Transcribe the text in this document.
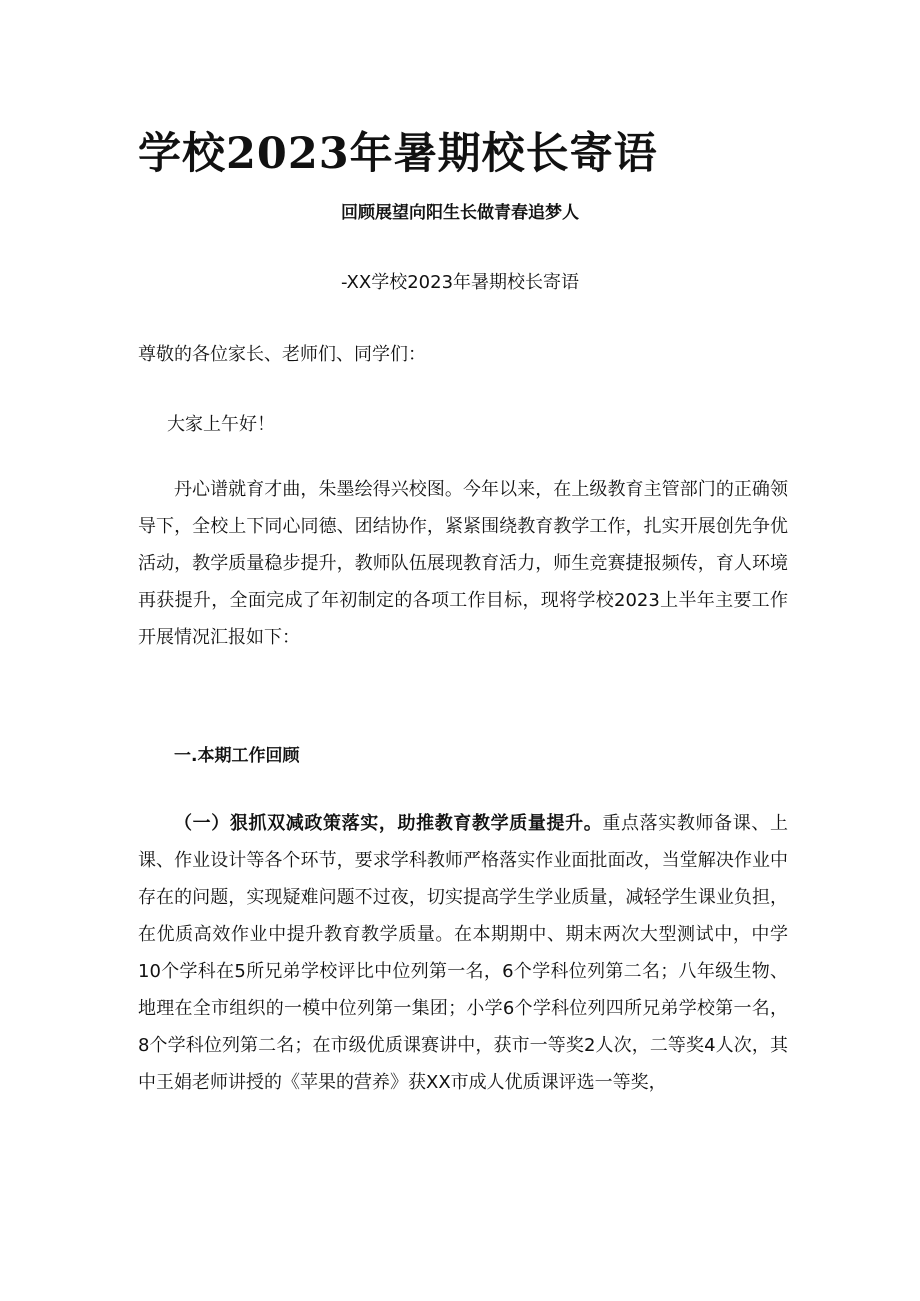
学校2023年暑期校长寄语
回顾展望向阳生长做青春追梦人
-XX学校2023年暑期校长寄语
尊敬的各位家长、老师们、同学们：
大家上午好！
丹心谱就育才曲，朱墨绘得兴校图。今年以来，在上级教育主管部门的正确领导下，全校上下同心同德、团结协作，紧紧围绕教育教学工作，扎实开展创先争优活动，教学质量稳步提升，教师队伍展现教育活力，师生竞赛捷报频传，育人环境再获提升，全面完成了年初制定的各项工作目标，现将学校2023上半年主要工作开展情况汇报如下：
一.本期工作回顾
（一）狠抓双减政策落实，助推教育教学质量提升。重点落实教师备课、上课、作业设计等各个环节，要求学科教师严格落实作业面批面改，当堂解决作业中存在的问题，实现疑难问题不过夜，切实提高学生学业质量，减轻学生课业负担，在优质高效作业中提升教育教学质量。在本期期中、期末两次大型测试中，中学10个学科在5所兄弟学校评比中位列第一名，6个学科位列第二名；八年级生物、地理在全市组织的一模中位列第一集团；小学6个学科位列四所兄弟学校第一名，8个学科位列第二名；在市级优质课赛讲中，获市一等奖2人次，二等奖4人次，其中王娟老师讲授的《苹果的营养》获XX市成人优质课评选一等奖，
